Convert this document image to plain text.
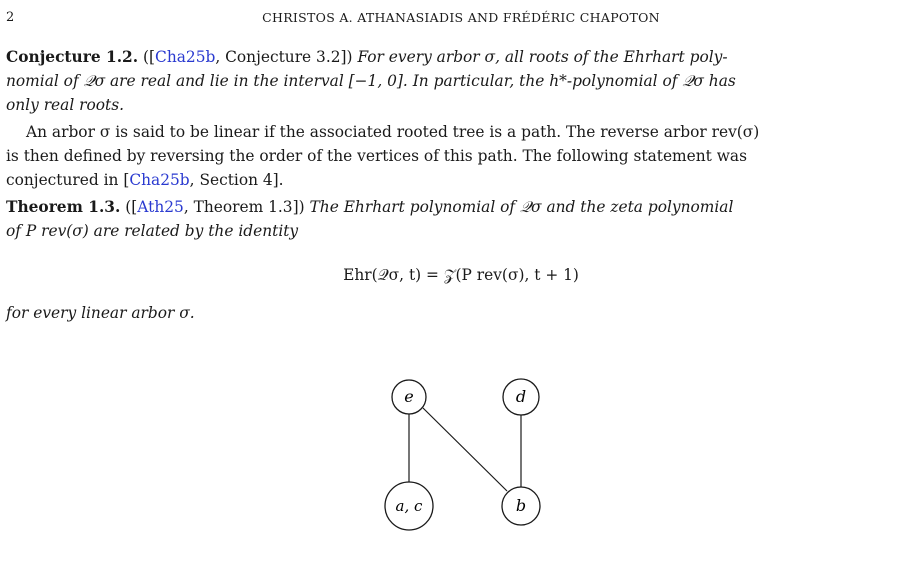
2	CHRISTOS A. ATHANASIADIS AND FRÉDÉRIC CHAPOTON
Conjecture 1.2. ([Cha25b, Conjecture 3.2]) For every arbor σ, all roots of the Ehrhart poly-
nomial of 𝒬σ are real and lie in the interval [−1, 0]. In particular, the h*-polynomial of 𝒬σ has
only real roots.
An arbor σ is said to be linear if the associated rooted tree is a path. The reverse arbor rev(σ)
is then defined by reversing the order of the vertices of this path. The following statement was
conjectured in [Cha25b, Section 4].
Theorem 1.3. ([Ath25, Theorem 1.3]) The Ehrhart polynomial of 𝒬σ and the zeta polynomial
of P rev(σ) are related by the identity
Ehr(𝒬σ, t) = 𝒵(P rev(σ), t + 1)
for every linear arbor σ.
e	d
a, c	b
